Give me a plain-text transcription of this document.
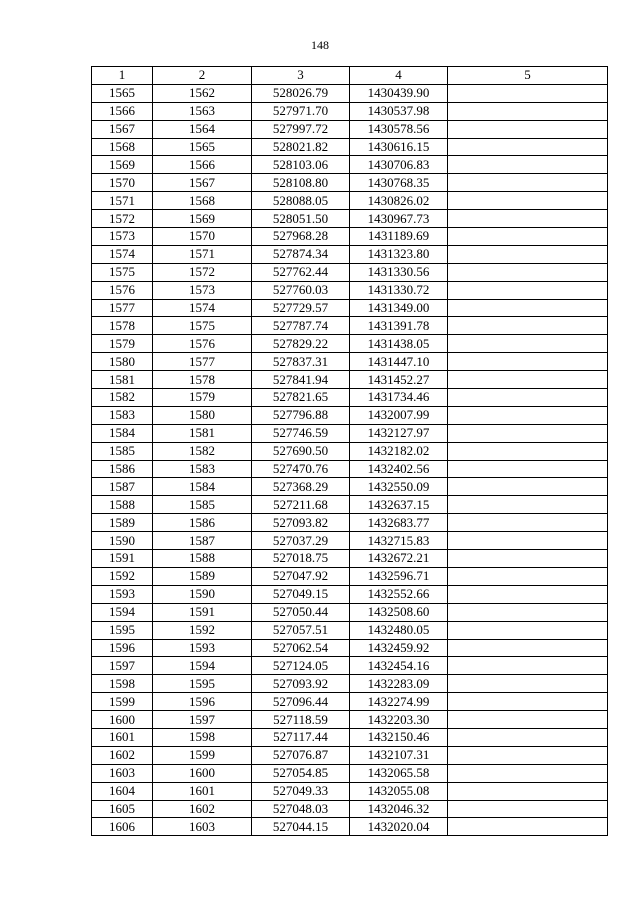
148
1	2	3	4	5
1565	1562	528026.79	1430439.90	
1566	1563	527971.70	1430537.98	
1567	1564	527997.72	1430578.56	
1568	1565	528021.82	1430616.15	
1569	1566	528103.06	1430706.83	
1570	1567	528108.80	1430768.35	
1571	1568	528088.05	1430826.02	
1572	1569	528051.50	1430967.73	
1573	1570	527968.28	1431189.69	
1574	1571	527874.34	1431323.80	
1575	1572	527762.44	1431330.56	
1576	1573	527760.03	1431330.72	
1577	1574	527729.57	1431349.00	
1578	1575	527787.74	1431391.78	
1579	1576	527829.22	1431438.05	
1580	1577	527837.31	1431447.10	
1581	1578	527841.94	1431452.27	
1582	1579	527821.65	1431734.46	
1583	1580	527796.88	1432007.99	
1584	1581	527746.59	1432127.97	
1585	1582	527690.50	1432182.02	
1586	1583	527470.76	1432402.56	
1587	1584	527368.29	1432550.09	
1588	1585	527211.68	1432637.15	
1589	1586	527093.82	1432683.77	
1590	1587	527037.29	1432715.83	
1591	1588	527018.75	1432672.21	
1592	1589	527047.92	1432596.71	
1593	1590	527049.15	1432552.66	
1594	1591	527050.44	1432508.60	
1595	1592	527057.51	1432480.05	
1596	1593	527062.54	1432459.92	
1597	1594	527124.05	1432454.16	
1598	1595	527093.92	1432283.09	
1599	1596	527096.44	1432274.99	
1600	1597	527118.59	1432203.30	
1601	1598	527117.44	1432150.46	
1602	1599	527076.87	1432107.31	
1603	1600	527054.85	1432065.58	
1604	1601	527049.33	1432055.08	
1605	1602	527048.03	1432046.32	
1606	1603	527044.15	1432020.04	
